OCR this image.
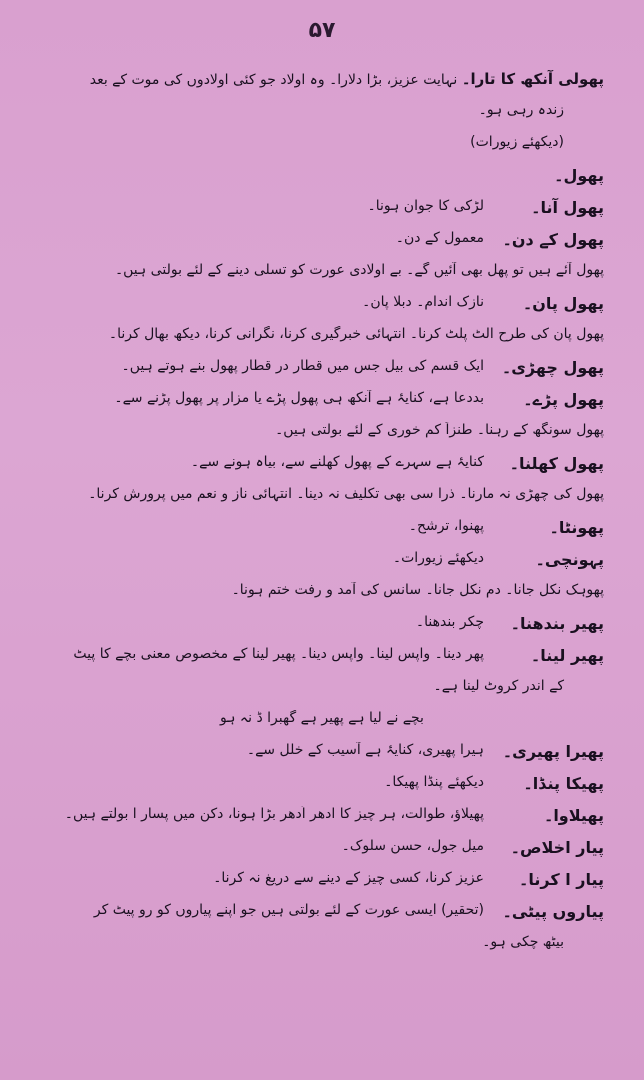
۵۷
پھولی آنکھ کا تارا۔ نہایت عزیز، بڑا دلارا۔ وہ اولاد جو کئی اولادوں کی موت کے بعد
زندہ رہی ہو۔
(دیکھئے زیورات)
پھول۔
پھول آنا۔
لڑکی کا جوان ہونا۔
پھول کے دن۔
معمول کے دن۔
پھول آئے ہیں تو پھل بھی آئیں گے۔ بے اولادی عورت کو تسلی دینے کے لئے بولتی ہیں۔
پھول پان۔
نازک اندام۔ دبلا پان۔
پھول پان کی طرح الٹ پلٹ کرنا۔ انتہائی خبرگیری کرنا، نگرانی کرنا، دیکھ بھال کرنا۔
پھول چھڑی۔
ایک قسم کی بیل جس میں قطار در قطار پھول بنے ہوتے ہیں۔
پھول پڑے۔
بددعا ہے، کنایۂ ہے آنکھ ہی پھول پڑے یا مزار پر پھول پڑنے سے۔
پھول سونگھ کے رہنا۔ طنزاً کم خوری کے لئے بولتی ہیں۔
پھول کھلنا۔
کنایۂ ہے سہرے کے پھول کھلنے سے، بیاہ ہونے سے۔
پھول کی چھڑی نہ مارنا۔ ذرا سی بھی تکلیف نہ دینا۔ انتہائی ناز و نعم میں پرورش کرنا۔
پھونٹا۔
پھنوا، ترشح۔
پہونچی۔
دیکھئے زیورات۔
پھوہک نکل جانا۔ دم نکل جانا۔ سانس کی آمد و رفت ختم ہونا۔
پھیر بندھنا۔
چکر بندھنا۔
پھیر لینا۔
پھر دینا۔ واپس لینا۔ واپس دینا۔ پھیر لینا کے مخصوص معنی بچے کا پیٹ
کے اندر کروٹ لینا ہے۔
بچے نے لیا ہے پھیر ہے گھبرا ڈ نہ ہو
پھیرا پھیری۔
ہیرا پھیری، کنایۂ ہے آسیب کے خلل سے۔
پھیکا پنڈا۔
دیکھئے پنڈا پھیکا۔
پھیلاوا۔
پھیلاؤ، طوالت، ہر چیز کا ادھر اُدھر بڑا ہونا، دکن میں پسار ا بولتے ہیں۔
پیار اخلاص۔
میل جول، حسن سلوک۔
پیار ا کرنا۔
عزیز کرنا، کسی چیز کے دینے سے دریغ نہ کرنا۔
پیاروں پیٹی۔
(تحقیر) ایسی عورت کے لئے بولتی ہیں جو اپنے پیاروں کو رو پیٹ کر
بیٹھ چکی ہو۔
